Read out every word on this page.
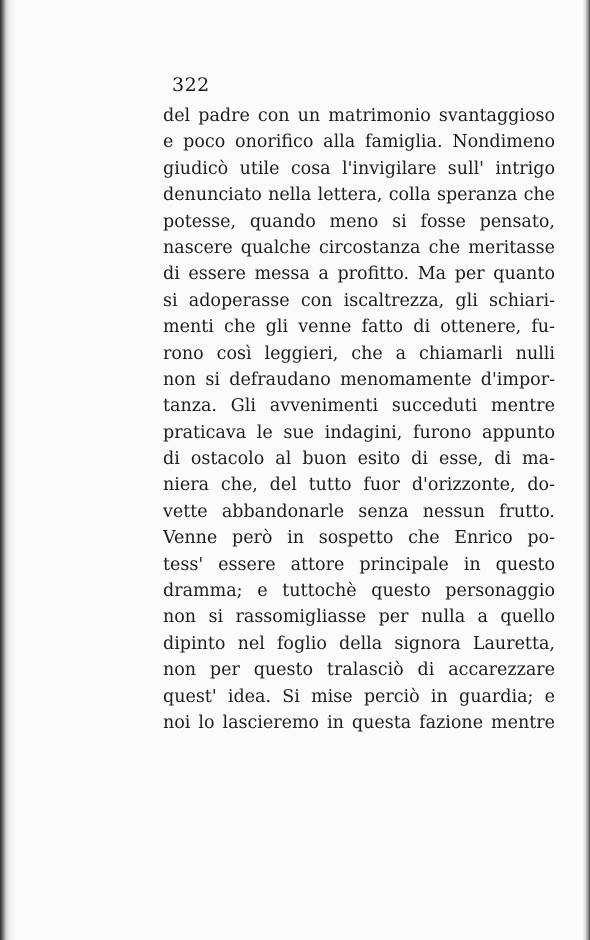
322
del padre con un matrimonio svantaggioso
e poco onorifico alla famiglia. Nondimeno
giudicò utile cosa l'invigilare sull' intrigo
denunciato nella lettera, colla speranza che
potesse, quando meno si fosse pensato,
nascere qualche circostanza che meritasse
di essere messa a profitto. Ma per quanto
si adoperasse con iscaltrezza, gli schiari-
menti che gli venne fatto di ottenere, fu-
rono così leggieri, che a chiamarli nulli
non si defraudano menomamente d'impor-
tanza. Gli avvenimenti succeduti mentre
praticava le sue indagini, furono appunto
di ostacolo al buon esito di esse, di ma-
niera che, del tutto fuor d'orizzonte, do-
vette abbandonarle senza nessun frutto.
Venne però in sospetto che Enrico po-
tess' essere attore principale in questo
dramma; e tuttochè questo personaggio
non si rassomigliasse per nulla a quello
dipinto nel foglio della signora Lauretta,
non per questo tralasciò di accarezzare
quest' idea. Si mise perciò in guardia; e
noi lo lascieremo in questa fazione mentre
